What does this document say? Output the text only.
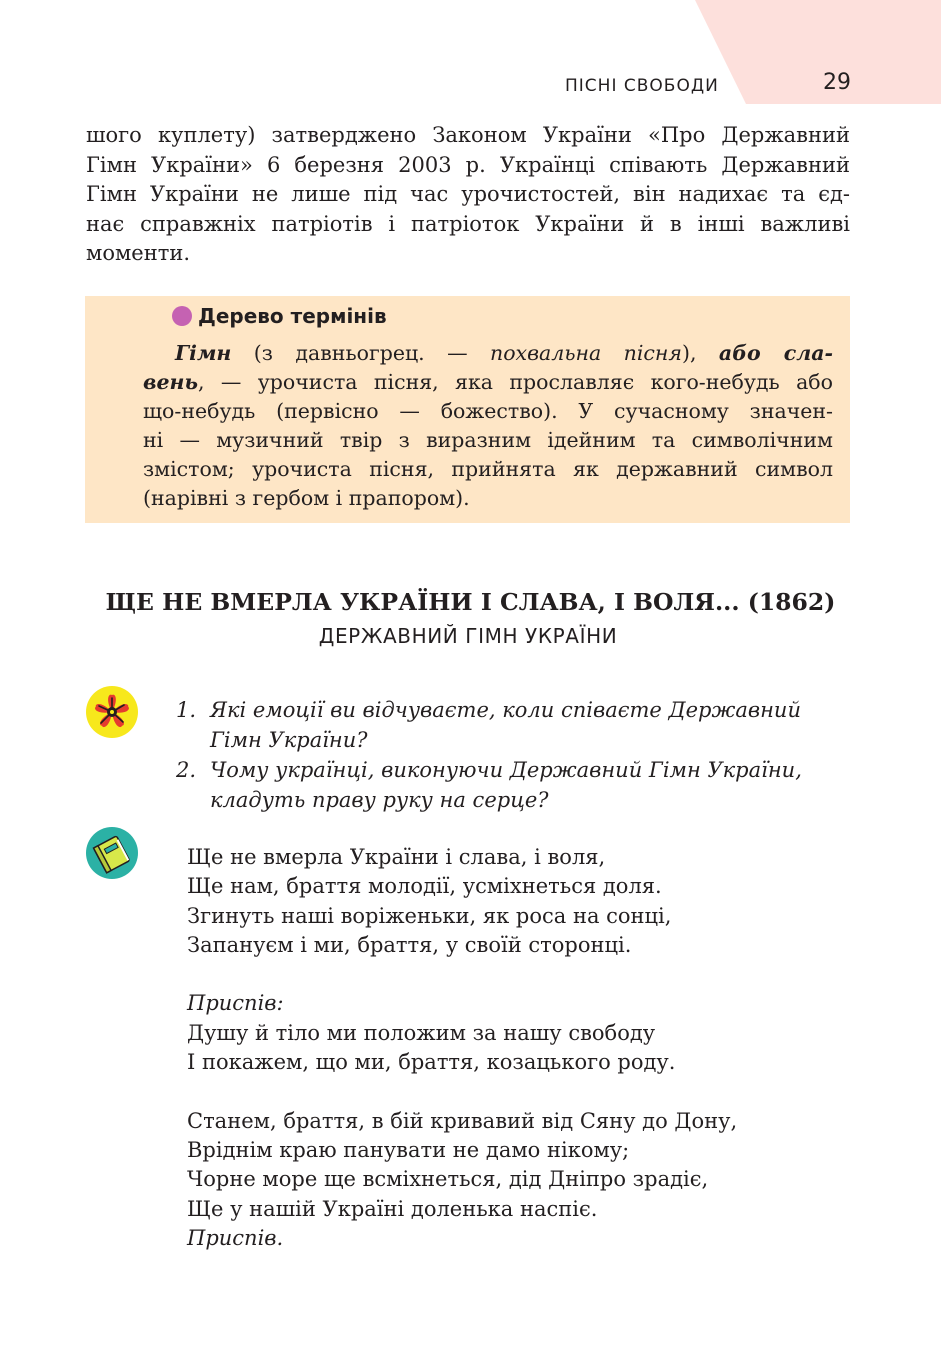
ПІСНІ СВОБОДИ	29
шого куплету) затверджено Законом України «Про Державний
Гімн України» 6 березня 2003 р. Українці співають Державний
Гімн України не лише під час урочистостей, він надихає та єд-
нає справжніх патріотів і патріоток України й в інші важливі
моменти.
Дерево термінів
Гімн (з давньогрец. — похвальна пісня), або сла-
вень, — урочиста пісня, яка прославляє кого-небудь або
що-небудь (первісно — божество). У сучасному значен-
ні — музичний твір з виразним ідейним та символічним
змістом; урочиста пісня, прийнята як державний символ
(нарівні з гербом і прапором).
ЩЕ НЕ ВМЕРЛА УКРАЇНИ І СЛАВА, І ВОЛЯ... (1862)
ДЕРЖАВНИЙ ГІМН УКРАЇНИ
1. Які емоції ви відчуваєте, коли співаєте Державний
Гімн України?
2. Чому українці, виконуючи Державний Гімн України,
кладуть праву руку на серце?
Ще не вмерла України і слава, і воля,
Ще нам, браття молодії, усміхнеться доля.
Згинуть наші воріженьки, як роса на сонці,
Запануєм і ми, браття, у своїй сторонці.
Приспів:
Душу й тіло ми положим за нашу свободу
І покажем, що ми, браття, козацького роду.
Станем, браття, в бій кривавий від Сяну до Дону,
Вріднім краю панувати не дамо нікому;
Чорне море ще всміхнеться, дід Дніпро зрадіє,
Ще у нашій Україні доленька наспіє.
Приспів.
